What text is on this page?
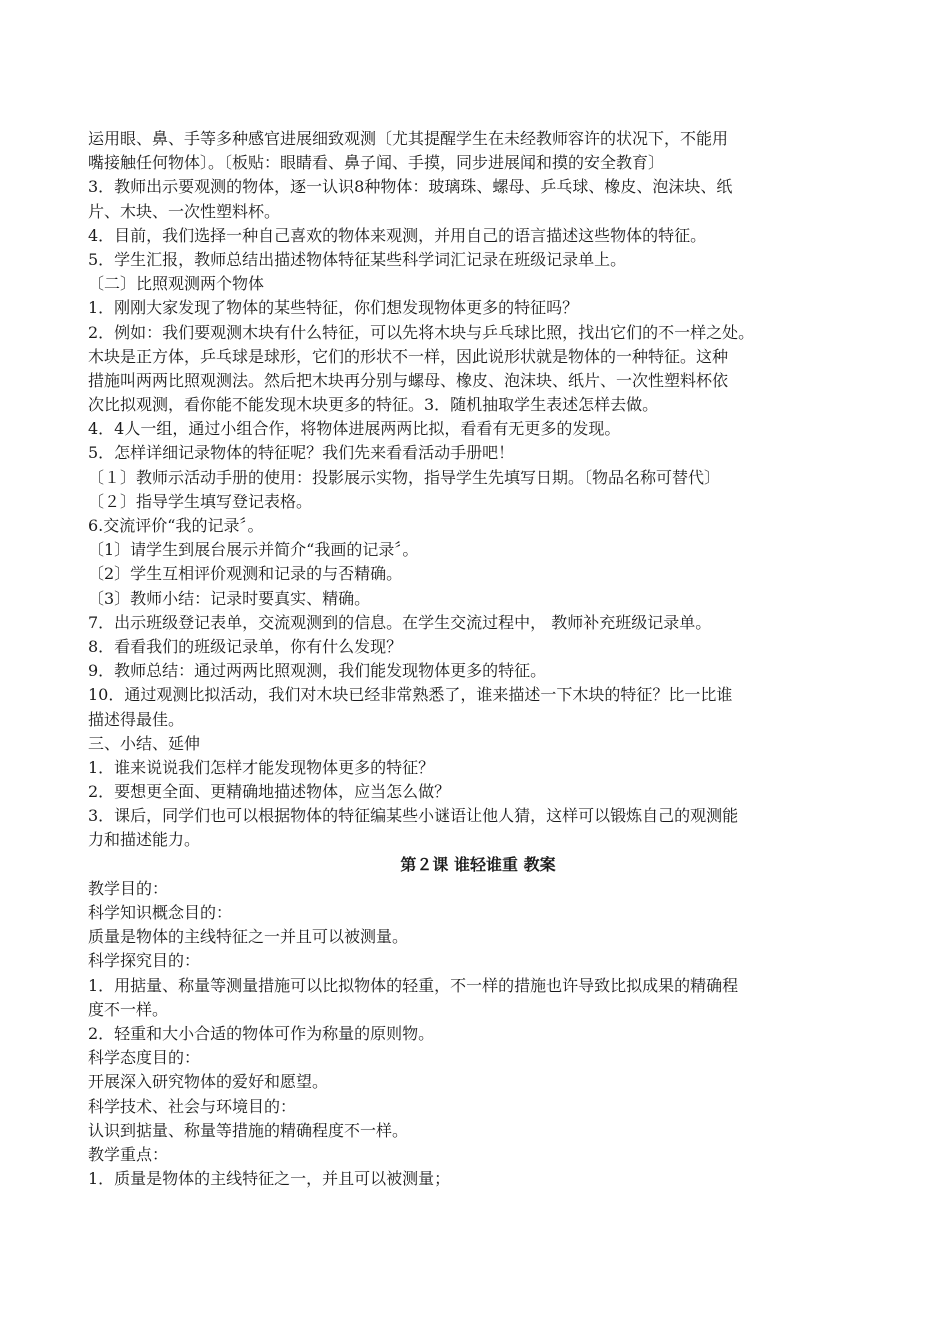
运用眼、鼻、手等多种感官进展细致观测〔尤其提醒学生在未经教师容许的状况下，不能用
嘴接触任何物体〕。〔板贴：眼睛看、鼻子闻、手摸，同步进展闻和摸的安全教育〕
3．教师出示要观测的物体，逐一认识8种物体：玻璃珠、螺母、乒乓球、橡皮、泡沫块、纸
片、木块、一次性塑料杯。
4．目前，我们选择一种自己喜欢的物体来观测，并用自己的语言描述这些物体的特征。
5．学生汇报，教师总结出描述物体特征某些科学词汇记录在班级记录单上。
〔二〕比照观测两个物体
1．刚刚大家发现了物体的某些特征，你们想发现物体更多的特征吗？
2．例如：我们要观测木块有什么特征，可以先将木块与乒乓球比照，找出它们的不一样之处。
木块是正方体，乒乓球是球形，它们的形状不一样，因此说形状就是物体的一种特征。这种
措施叫两两比照观测法。然后把木块再分别与螺母、橡皮、泡沫块、纸片、一次性塑料杯依
次比拟观测，看你能不能发现木块更多的特征。3．随机抽取学生表述怎样去做。
4．4人一组，通过小组合作，将物体进展两两比拟，看看有无更多的发现。
5．怎样详细记录物体的特征呢？我们先来看看活动手册吧！
〔１〕教师示活动手册的使用：投影展示实物，指导学生先填写日期。〔物品名称可替代〕
〔２〕指导学生填写登记表格。
6.交流评价“我的记录〞。
〔1〕请学生到展台展示并简介“我画的记录〞。
〔2〕学生互相评价观测和记录的与否精确。
〔3〕教师小结：记录时要真实、精确。
7．出示班级登记表单，交流观测到的信息。在学生交流过程中， 教师补充班级记录单。
8．看看我们的班级记录单，你有什么发现？
9．教师总结：通过两两比照观测，我们能发现物体更多的特征。
10．通过观测比拟活动，我们对木块已经非常熟悉了，谁来描述一下木块的特征？比一比谁
描述得最佳。
三、小结、延伸
1．谁来说说我们怎样才能发现物体更多的特征？
2．要想更全面、更精确地描述物体，应当怎么做？
3．课后，同学们也可以根据物体的特征编某些小谜语让他人猜，这样可以锻炼自己的观测能
力和描述能力。
第２课 谁轻谁重 教案
教学目的：
科学知识概念目的：
质量是物体的主线特征之一并且可以被测量。
科学探究目的：
1．用掂量、称量等测量措施可以比拟物体的轻重，不一样的措施也许导致比拟成果的精确程
度不一样。
2．轻重和大小合适的物体可作为称量的原则物。
科学态度目的：
开展深入研究物体的爱好和愿望。
科学技术、社会与环境目的：
认识到掂量、称量等措施的精确程度不一样。
教学重点：
1．质量是物体的主线特征之一，并且可以被测量；
